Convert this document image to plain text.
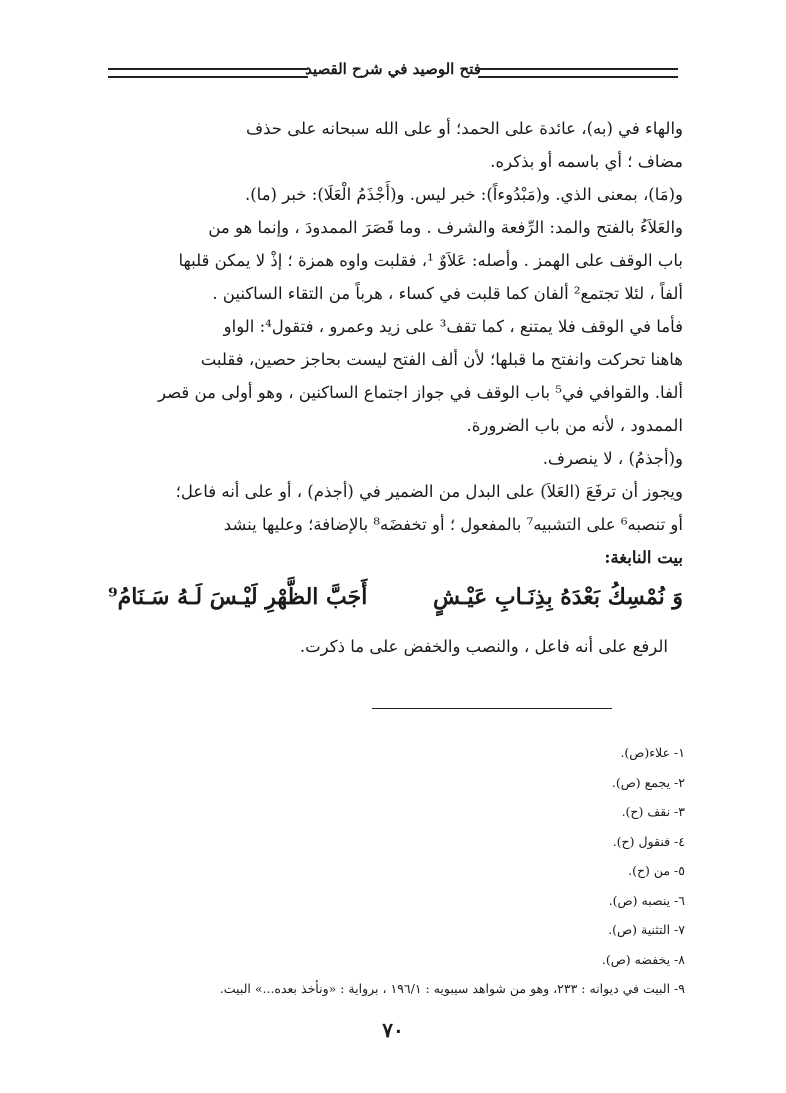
فتح الوصيد في شرح القصيد

والهاء في (به)، عائدة على الحمد؛ أو على الله سبحانه على حذف

مضاف ؛ أي باسمه أو بذكره.

و(مَا)، بمعنى الذي. و(مَبْدُوءاً): خبر ليس. و(أَجْذَمُ الْعَلَا): خبر (ما).

والعَلاَءُ بالفتح والمد: الرِّفعة والشرف . وما قَصَرَ الممدودَ ، وإنما هو من

باب الوقف على الهمز . وأصله: عَلاَوٌ ¹، فقلبت واوه همزة ؛ إذْ لا يمكن قلبها

ألفاً ، لئلا تجتمع² ألفان كما قلبت في كساء ، هرباً من التقاء الساكنين .

فأما في الوقف فلا يمتنع ، كما تقف³ على زيد وعمرو ، فتقول⁴: الواو

هاهنا تحركت وانفتح ما قبلها؛ لأن ألف الفتح ليست بحاجز حصين، فقلبت

ألفا. والقوافي في⁵ باب الوقف في جواز اجتماع الساكنين ، وهو أولى من قصر

الممدود ، لأنه من باب الضرورة.

و(أجذمُ) ، لا ينصرف.

ويجوز أن ترفَعَ (العَلاَ) على البدل من الضمير في (أجذم) ، أو على أنه فاعل؛

أو تنصبه⁶ على التشبيه⁷ بالمفعول ؛ أو تخفضَه⁸ بالإضافة؛ وعليها ينشد

بيت النابغة:

وَ نُمْسِكُ بَعْدَهُ بِذِنَـابِ عَيْـشٍ
أَجَبَّ الظَّهْرِ لَيْـسَ لَـهُ سَـنَامُ⁹
الرفع على أنه فاعل ، والنصب والخفض على ما ذكرت.
١- علاء(ص).
٢- يجمع (ص).
٣- نقف (ح).
٤- فنقول (ح).
٥- من (ح).
٦- ينصبه (ص).
٧- التثنية (ص).
٨- يخفضه (ص).
٩- البيت في ديوانه : ٢٣٣، وهو من شواهد سيبويه : ١٩٦/١ ، برواية : «ونأخذ بعده...» البيت.
٧٠
